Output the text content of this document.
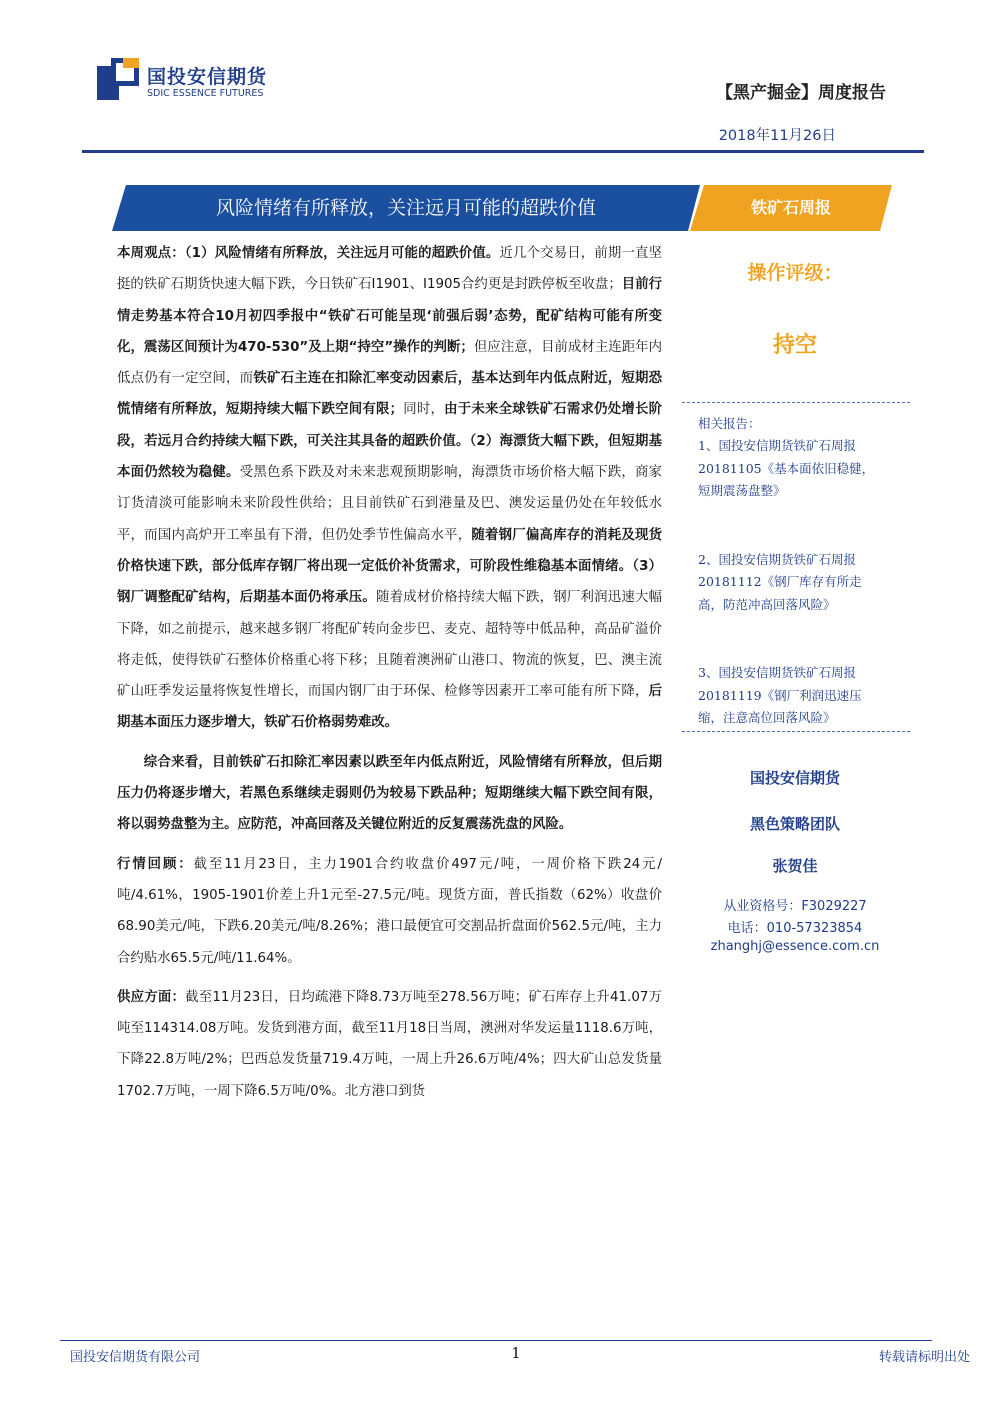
国投安信期货
SDIC ESSENCE FUTURES	【黑产掘金】周度报告
2018年11月26日
风险情绪有所释放，关注远月可能的超跌价值	铁矿石周报

本周观点：（1）风险情绪有所释放，关注远月可能的超跌价值。近几个交易日，前期一直坚挺的铁矿石期货快速大幅下跌，今日铁矿石I1901、I1905合约更是封跌停板至收盘；目前行情走势基本符合10月初四季报中“铁矿石可能呈现‘前强后弱’态势，配矿结构可能有所变化，震荡区间预计为470-530”及上期“持空”操作的判断；但应注意，目前成材主连距年内低点仍有一定空间，而铁矿石主连在扣除汇率变动因素后，基本达到年内低点附近，短期恐慌情绪有所释放，短期持续大幅下跌空间有限；同时，由于未来全球铁矿石需求仍处增长阶段，若远月合约持续大幅下跌，可关注其具备的超跌价值。（2）海漂货大幅下跌，但短期基本面仍然较为稳健。受黑色系下跌及对未来悲观预期影响，海漂货市场价格大幅下跌，商家订货清淡可能影响未来阶段性供给；且目前铁矿石到港量及巴、澳发运量仍处在年较低水平，而国内高炉开工率虽有下滑，但仍处季节性偏高水平，随着钢厂偏高库存的消耗及现货价格快速下跌，部分低库存钢厂将出现一定低价补货需求，可阶段性维稳基本面情绪。（3）钢厂调整配矿结构，后期基本面仍将承压。随着成材价格持续大幅下跌，钢厂利润迅速大幅下降，如之前提示，越来越多钢厂将配矿转向金步巴、麦克、超特等中低品种，高品矿溢价将走低，使得铁矿石整体价格重心将下移；且随着澳洲矿山港口、物流的恢复，巴、澳主流矿山旺季发运量将恢复性增长，而国内钢厂由于环保、检修等因素开工率可能有所下降，后期基本面压力逐步增大，铁矿石价格弱势难改。

综合来看，目前铁矿石扣除汇率因素以跌至年内低点附近，风险情绪有所释放，但后期压力仍将逐步增大，若黑色系继续走弱则仍为较易下跌品种；短期继续大幅下跌空间有限，将以弱势盘整为主。应防范，冲高回落及关键位附近的反复震荡洗盘的风险。

行情回顾：截至11月23日，主力1901合约收盘价497元/吨，一周价格下跌24元/吨/4.61%，1905-1901价差上升1元至-27.5元/吨。现货方面，普氏指数（62%）收盘价68.90美元/吨，下跌6.20美元/吨/8.26%；港口最便宜可交割品折盘面价562.5元/吨，主力合约贴水65.5元/吨/11.64%。

供应方面：截至11月23日，日均疏港下降8.73万吨至278.56万吨；矿石库存上升41.07万吨至114314.08万吨。发货到港方面，截至11月18日当周，澳洲对华发运量1118.6万吨，下降22.8万吨/2%；巴西总发货量719.4万吨，一周上升26.6万吨/4%；四大矿山总发货量1702.7万吨，一周下降6.5万吨/0%。北方港口到货

操作评级：
持空
相关报告：
1、国投安信期货铁矿石周报
20181105《基本面依旧稳健，
短期震荡盘整》
2、国投安信期货铁矿石周报
20181112《钢厂库存有所走
高，防范冲高回落风险》
3、国投安信期货铁矿石周报
20181119《钢厂利润迅速压
缩，注意高位回落风险》
国投安信期货
黑色策略团队
张贺佳
从业资格号：F3029227
电话：010-57323854
zhanghj@essence.com.cn
国投安信期货有限公司	1	转载请标明出处
